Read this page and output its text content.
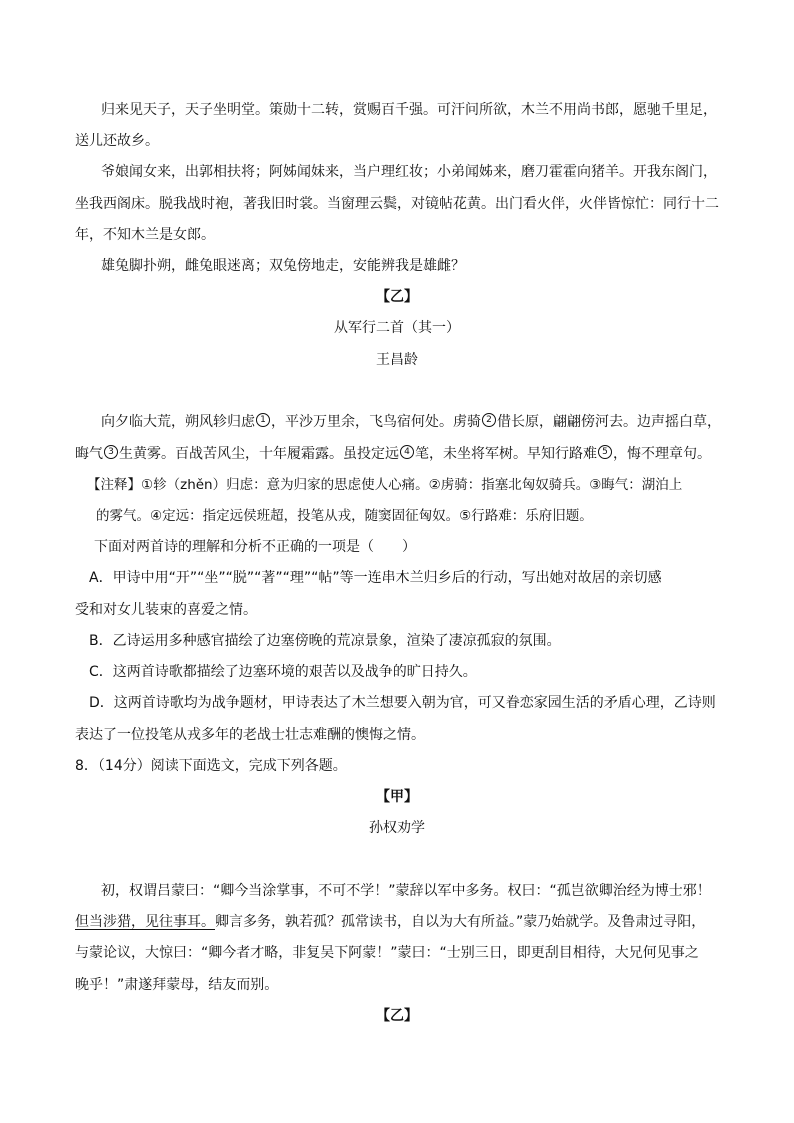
归来见天子，天子坐明堂。策勋十二转，赏赐百千强。可汗问所欲，木兰不用尚书郎，愿驰千里足，
送儿还故乡。
爷娘闻女来，出郭相扶将；阿姊闻妹来，当户理红妆；小弟闻姊来，磨刀霍霍向猪羊。开我东阁门，
坐我西阁床。脱我战时袍，著我旧时裳。当窗理云鬓，对镜帖花黄。出门看火伴，火伴皆惊忙：同行十二
年，不知木兰是女郎。
雄兔脚扑朔，雌兔眼迷离；双兔傍地走，安能辨我是雄雌？
【乙】
从军行二首（其一）
王昌龄
向夕临大荒，朔风轸归虑 1 ，平沙万里余，飞鸟宿何处。虏骑 2 借长原，翩翩傍河去。边声摇白草，
晦气 3 生黄雾。百战苦风尘，十年履霜露。虽投定远 4 笔，未坐将军树。早知行路难 5 ，悔不理章句。
【注释】①轸（zhěn）归虑：意为归家的思虑使人心痛。②虏骑：指塞北匈奴骑兵。③晦气：湖泊上
的雾气。④定远：指定远侯班超，投笔从戎，随窦固征匈奴。⑤行路难：乐府旧题。
下面对两首诗的理解和分析不正确的一项是（　　）
A．甲诗中用“开”“坐”“脱”“著”“理”“帖”等一连串木兰归乡后的行动，写出她对故居的亲切感
受和对女儿装束的喜爱之情。
B．乙诗运用多种感官描绘了边塞傍晚的荒凉景象，渲染了凄凉孤寂的氛围。
C．这两首诗歌都描绘了边塞环境的艰苦以及战争的旷日持久。
D．这两首诗歌均为战争题材，甲诗表达了木兰想要入朝为官，可又眷恋家园生活的矛盾心理，乙诗则
表达了一位投笔从戎多年的老战士壮志难酬的懊悔之情。
8．（14分）阅读下面选文，完成下列各题。
【甲】
孙权劝学
初，权谓吕蒙曰：“卿今当涂掌事，不可不学！”蒙辞以军中多务。权曰：“孤岂欲卿治经为博士邪！
但当涉猎，见往事耳。卿言多务，孰若孤？孤常读书，自以为大有所益。”蒙乃始就学。及鲁肃过寻阳，
与蒙论议，大惊曰：“卿今者才略，非复吴下阿蒙！”蒙曰：“士别三日，即更刮目相待，大兄何见事之
晚乎！”肃遂拜蒙母，结友而别。
【乙】
